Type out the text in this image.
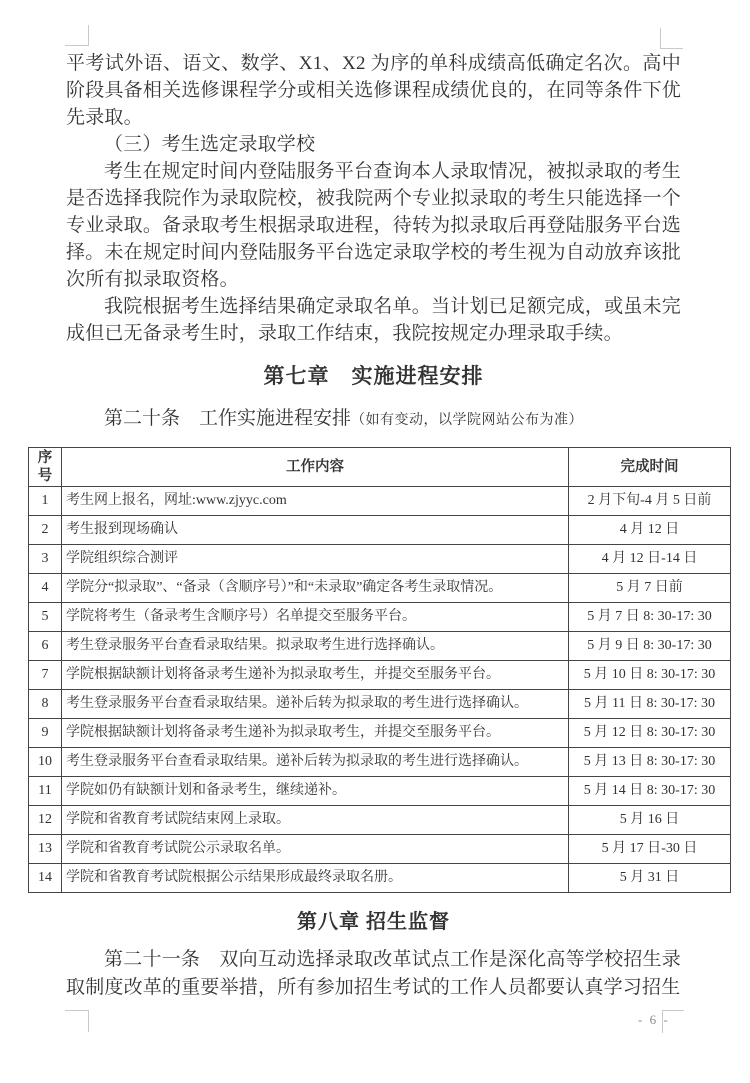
平考试外语、语文、数学、X1、X2 为序的单科成绩高低确定名次。高中阶段具备相关选修课程学分或相关选修课程成绩优良的，在同等条件下优先录取。

（三）考生选定录取学校

考生在规定时间内登陆服务平台查询本人录取情况，被拟录取的考生是否选择我院作为录取院校，被我院两个专业拟录取的考生只能选择一个专业录取。备录取考生根据录取进程，待转为拟录取后再登陆服务平台选择。未在规定时间内登陆服务平台选定录取学校的考生视为自动放弃该批次所有拟录取资格。

我院根据考生选择结果确定录取名单。当计划已足额完成，或虽未完成但已无备录考生时，录取工作结束，我院按规定办理录取手续。

第七章　实施进程安排

第二十条　工作实施进程安排（如有变动，以学院网站公布为准）

序号	工作内容	完成时间
1	考生网上报名，网址:www.zjyyc.com	2 月下旬-4 月 5 日前
2	考生报到现场确认	4 月 12 日
3	学院组织综合测评	4 月 12 日-14 日
4	学院分“拟录取”、“备录（含顺序号）”和“未录取”确定各考生录取情况。	5 月 7 日前
5	学院将考生（备录考生含顺序号）名单提交至服务平台。	5 月 7 日 8: 30-17: 30
6	考生登录服务平台查看录取结果。拟录取考生进行选择确认。	5 月 9 日 8: 30-17: 30
7	学院根据缺额计划将备录考生递补为拟录取考生，并提交至服务平台。	5 月 10 日 8: 30-17: 30
8	考生登录服务平台查看录取结果。递补后转为拟录取的考生进行选择确认。	5 月 11 日 8: 30-17: 30
9	学院根据缺额计划将备录考生递补为拟录取考生，并提交至服务平台。	5 月 12 日 8: 30-17: 30
10	考生登录服务平台查看录取结果。递补后转为拟录取的考生进行选择确认。	5 月 13 日 8: 30-17: 30
11	学院如仍有缺额计划和备录考生，继续递补。	5 月 14 日 8: 30-17: 30
12	学院和省教育考试院结束网上录取。	5 月 16 日
13	学院和省教育考试院公示录取名单。	5 月 17 日-30 日
14	学院和省教育考试院根据公示结果形成最终录取名册。	5 月 31 日
第八章 招生监督

第二十一条　双向互动选择录取改革试点工作是深化高等学校招生录取制度改革的重要举措，所有参加招生考试的工作人员都要认真学习招生

- 6 -
